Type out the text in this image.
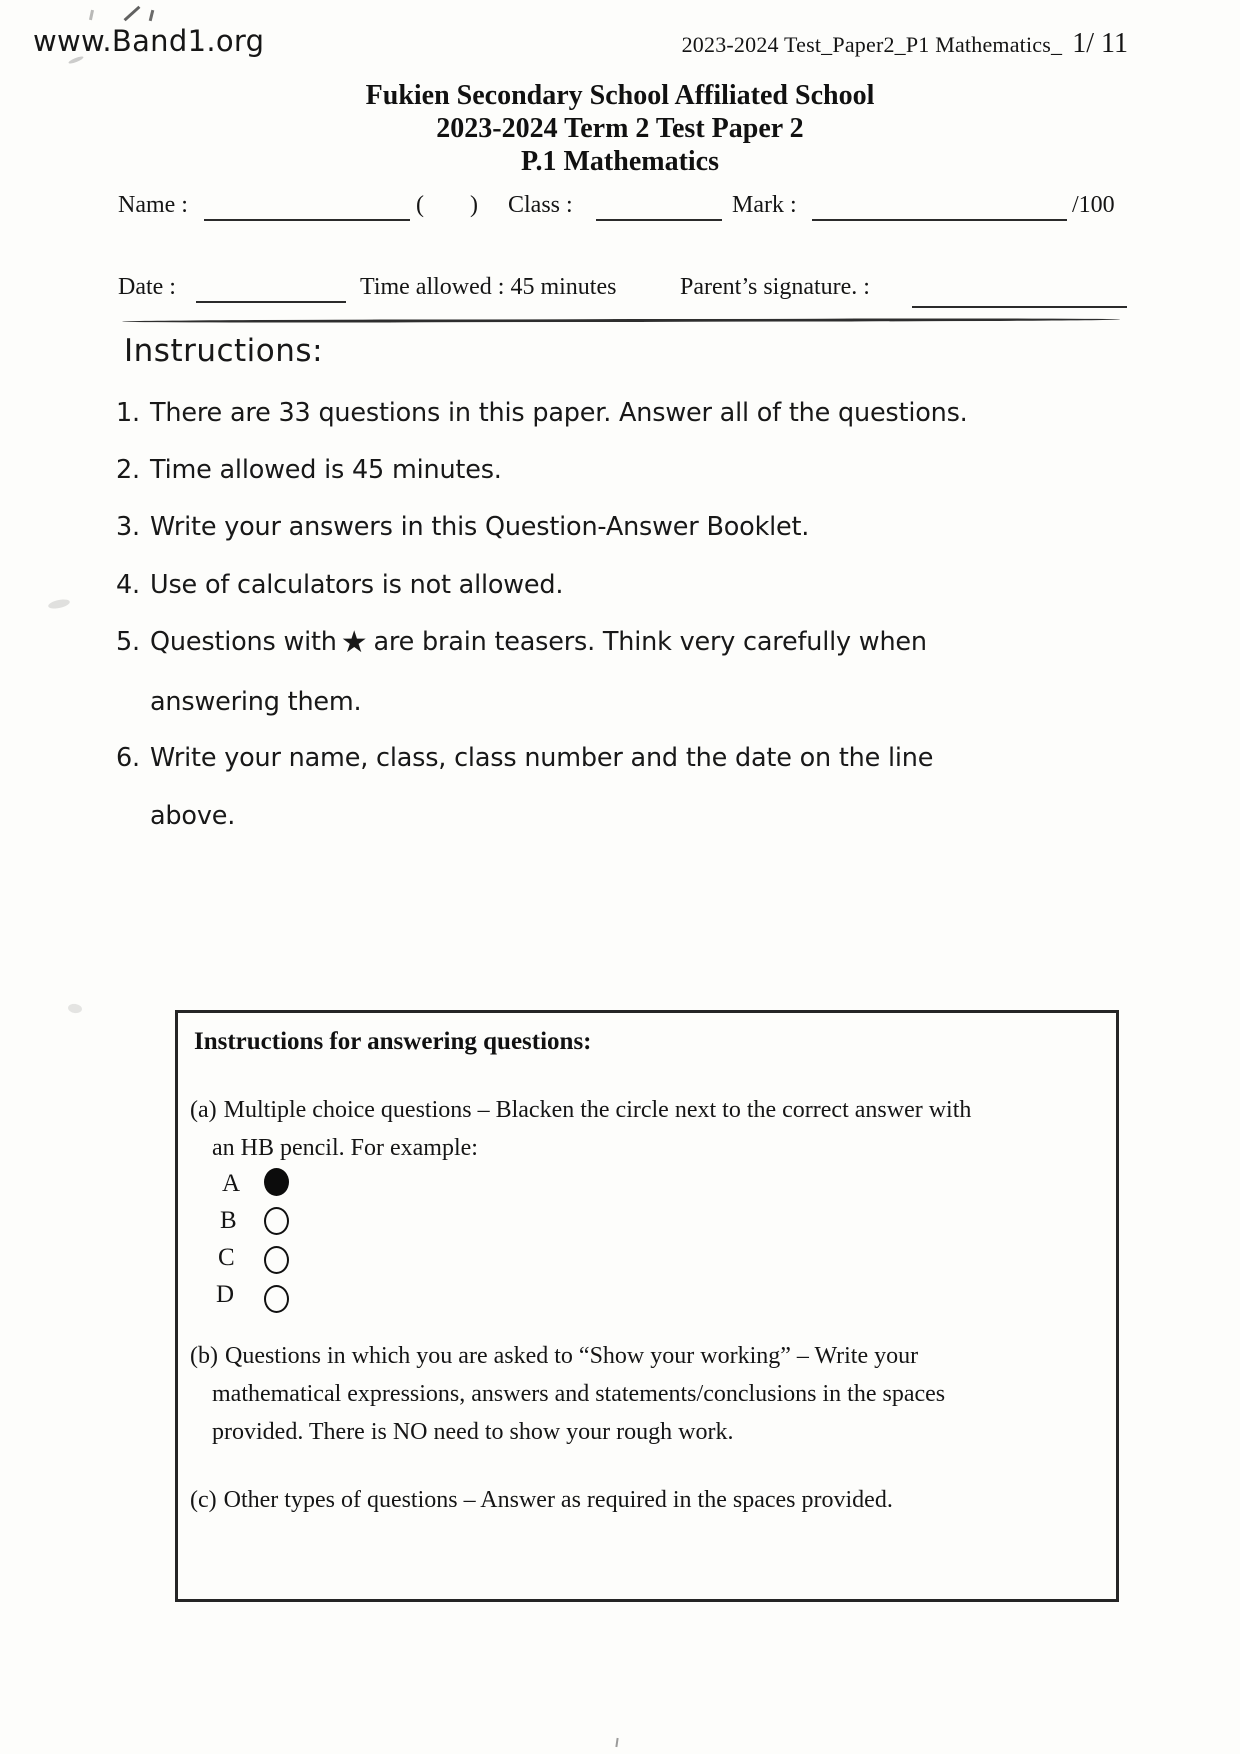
www.Band1.org	2023-2024 Test_Paper2_P1 Mathematics_ 1/ 11
Fukien Secondary School Affiliated School
2023-2024 Term 2 Test Paper 2
P.1 Mathematics
Name :	( ) Class :	Mark :	/100
Date :	Time allowed : 45 minutes	Parent’s signature. :
Instructions:
1. There are 33 questions in this paper. Answer all of the questions.
2. Time allowed is 45 minutes.
3. Write your answers in this Question-Answer Booklet.
4. Use of calculators is not allowed.
5. Questions with ★ are brain teasers. Think very carefully when
answering them.
6. Write your name, class, class number and the date on the line
above.
Instructions for answering questions:
(a) Multiple choice questions – Blacken the circle next to the correct answer with
an HB pencil. For example:
A
B
C
D
(b) Questions in which you are asked to “Show your working” – Write your
mathematical expressions, answers and statements/conclusions in the spaces
provided. There is NO need to show your rough work.
(c) Other types of questions – Answer as required in the spaces provided.
